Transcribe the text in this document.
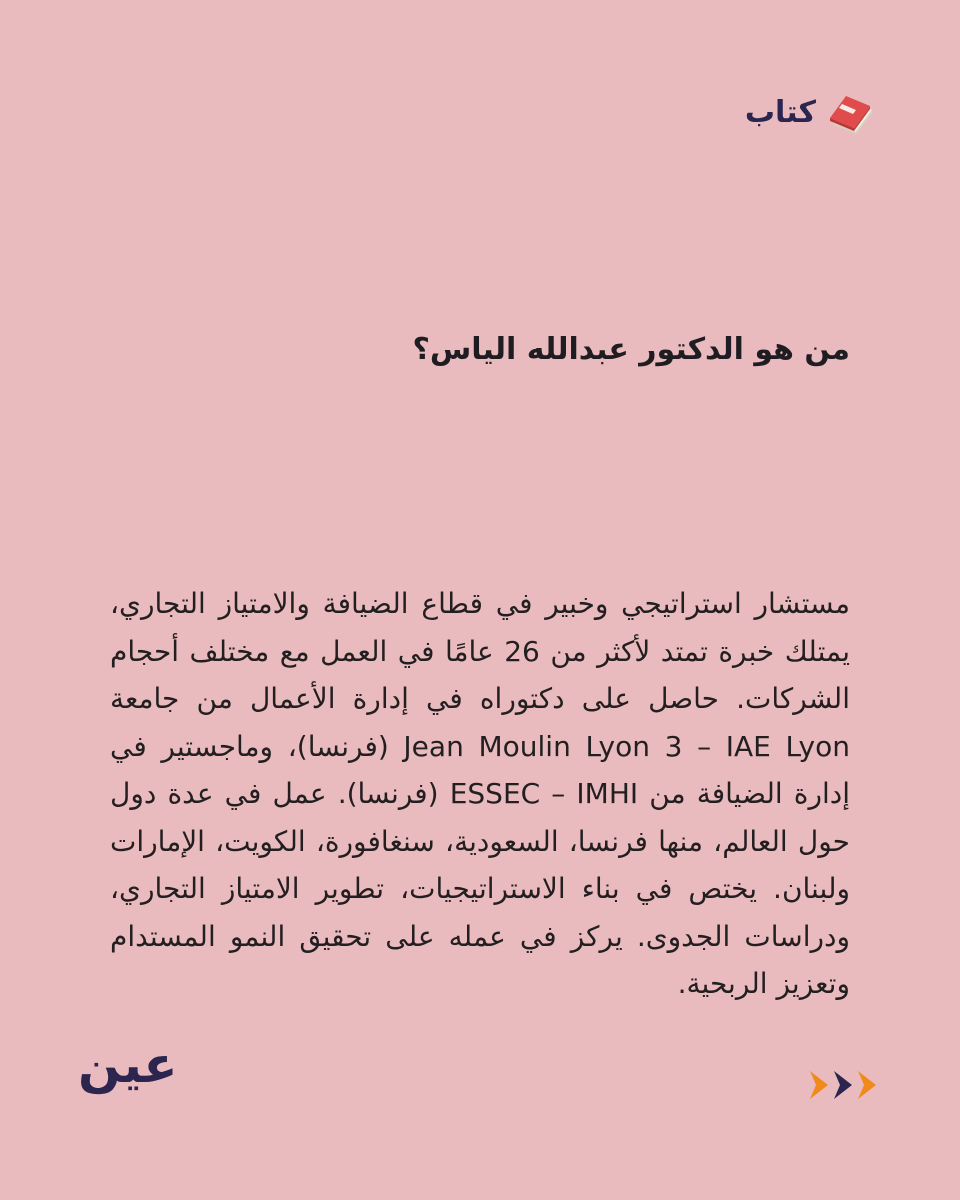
كتاب
من هو الدكتور عبدالله الياس؟

مستشار استراتيجي وخبير في قطاع الضيافة والامتياز التجاري، يمتلك خبرة تمتد لأكثر من 26 عامًا في العمل مع مختلف أحجام الشركات. حاصل على دكتوراه في إدارة الأعمال من جامعة Jean Moulin Lyon 3 – IAE Lyon (فرنسا)، وماجستير في إدارة الضيافة من ESSEC – IMHI (فرنسا). عمل في عدة دول حول العالم، منها فرنسا، السعودية، سنغافورة، الكويت، الإمارات ولبنان. يختص في بناء الاستراتيجيات، تطوير الامتياز التجاري، ودراسات الجدوى. يركز في عمله على تحقيق النمو المستدام وتعزيز الربحية.

عين
